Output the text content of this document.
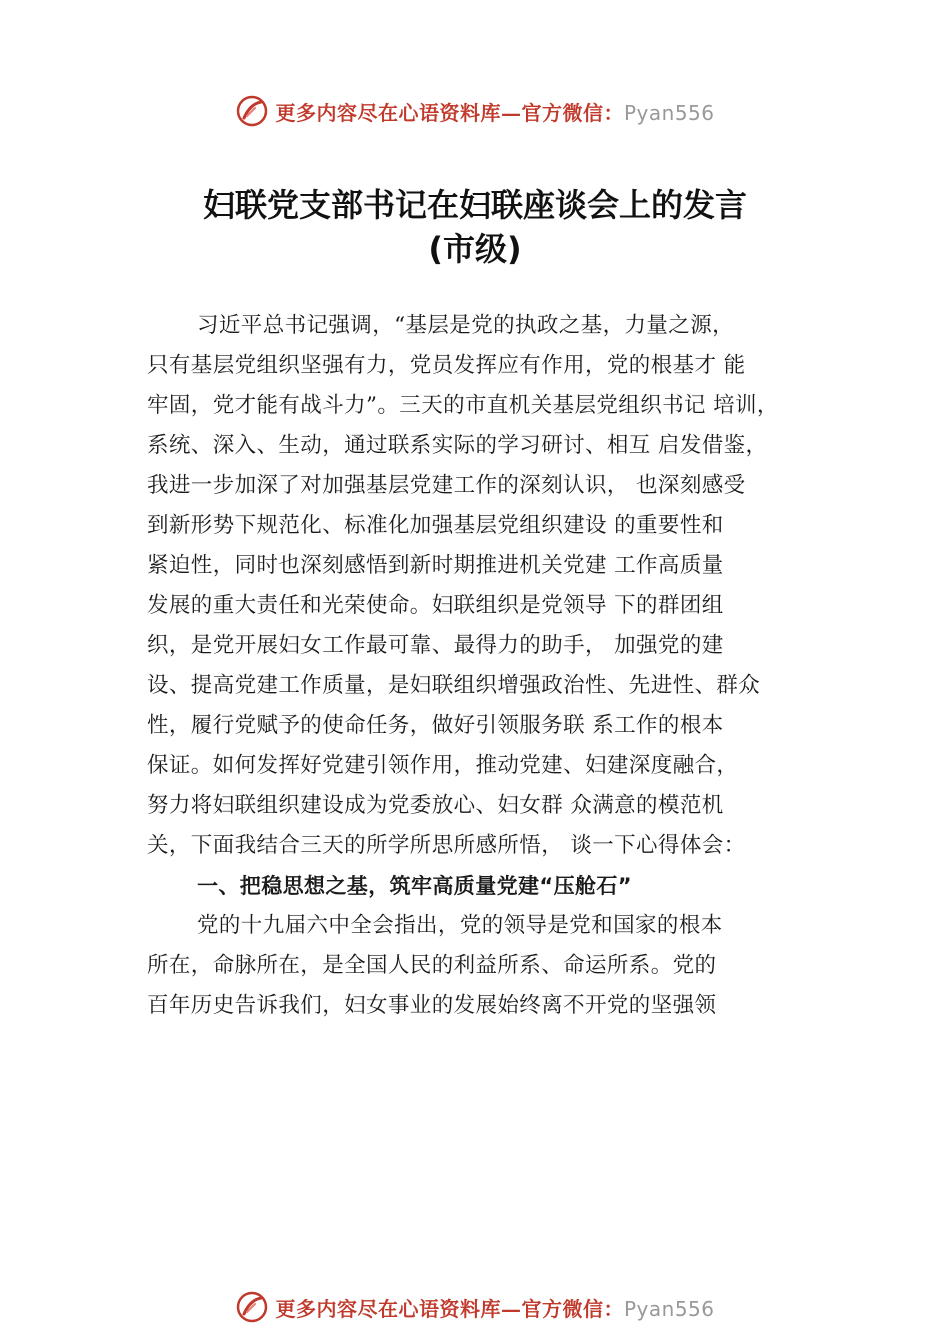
更多内容尽在心语资料库—官方微信：Pyan556
妇联党支部书记在妇联座谈会上的发言
(市级)
习近平总书记强调，“基层是党的执政之基，力量之源，
只有基层党组织坚强有力，党员发挥应有作用，党的根基才 能
牢固，党才能有战斗力”。三天的市直机关基层党组织书记 培训，
系统、深入、生动，通过联系实际的学习研讨、相互 启发借鉴，
我进一步加深了对加强基层党建工作的深刻认识， 也深刻感受
到新形势下规范化、标准化加强基层党组织建设 的重要性和
紧迫性，同时也深刻感悟到新时期推进机关党建 工作高质量
发展的重大责任和光荣使命。妇联组织是党领导 下的群团组
织，是党开展妇女工作最可靠、最得力的助手， 加强党的建
设、提高党建工作质量，是妇联组织增强政治性、先进性、群众
性，履行党赋予的使命任务，做好引领服务联 系工作的根本
保证。如何发挥好党建引领作用，推动党建、妇建深度融合，
努力将妇联组织建设成为党委放心、妇女群 众满意的模范机
关，下面我结合三天的所学所思所感所悟， 谈一下心得体会：
一、把稳思想之基，筑牢高质量党建“压舱石”
党的十九届六中全会指出，党的领导是党和国家的根本
所在，命脉所在，是全国人民的利益所系、命运所系。党的
百年历史告诉我们，妇女事业的发展始终离不开党的坚强领
更多内容尽在心语资料库—官方微信：Pyan556
